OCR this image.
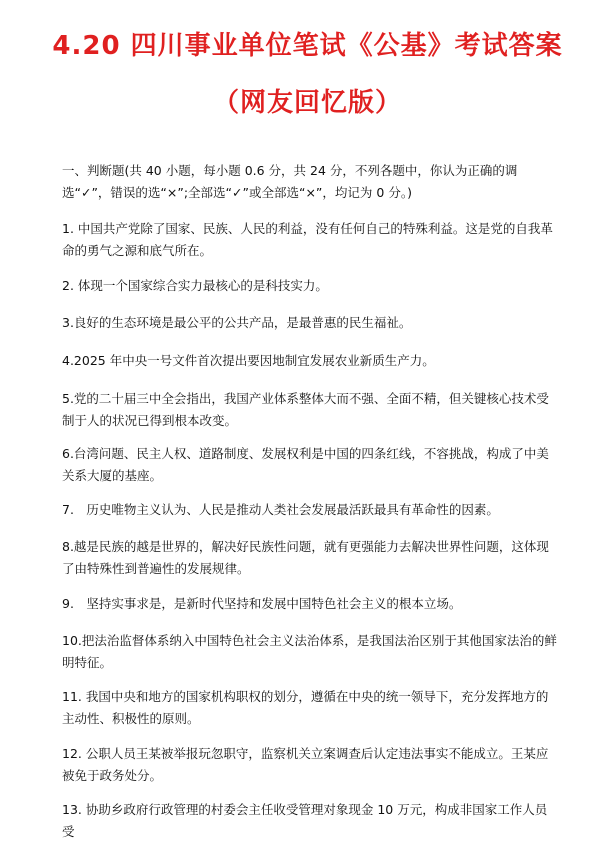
4.20 四川事业单位笔试《公基》考试答案
（网友回忆版）
一、判断题(共 40 小题，每小题 0.6 分，共 24 分，不列各题中，你认为正确的调选“✓”，错误的选“×”;全部选“✓”或全部选“×”，均记为 0 分。)
1. 中国共产党除了国家、民族、人民的利益，没有任何自己的特殊利益。这是党的自我革命的勇气之源和底气所在。
2. 体现一个国家综合实力最核心的是科技实力。
3.良好的生态环境是最公平的公共产品，是最普惠的民生福祉。
4.2025 年中央一号文件首次提出要因地制宜发展农业新质生产力。
5.党的二十届三中全会指出，我国产业体系整体大而不强、全面不精，但关键核心技术受制于人的状况已得到根本改变。
6.台湾问题、民主人权、道路制度、发展权利是中国的四条红线，不容挑战，构成了中美关系大厦的基座。
7.　历史唯物主义认为、人民是推动人类社会发展最活跃最具有革命性的因素。
8.越是民族的越是世界的，解决好民族性问题，就有更强能力去解决世界性问题，这体现了由特殊性到普遍性的发展规律。
9.　坚持实事求是，是新时代坚持和发展中国特色社会主义的根本立场。
10.把法治监督体系纳入中国特色社会主义法治体系，是我国法治区别于其他国家法治的鲜明特征。
11. 我国中央和地方的国家机构职权的划分，遵循在中央的统一领导下，充分发挥地方的主动性、积极性的原则。
12. 公职人员王某被举报玩忽职守，监察机关立案调查后认定违法事实不能成立。王某应被免于政务处分。
13. 协助乡政府行政管理的村委会主任收受管理对象现金 10 万元，构成非国家工作人员受
